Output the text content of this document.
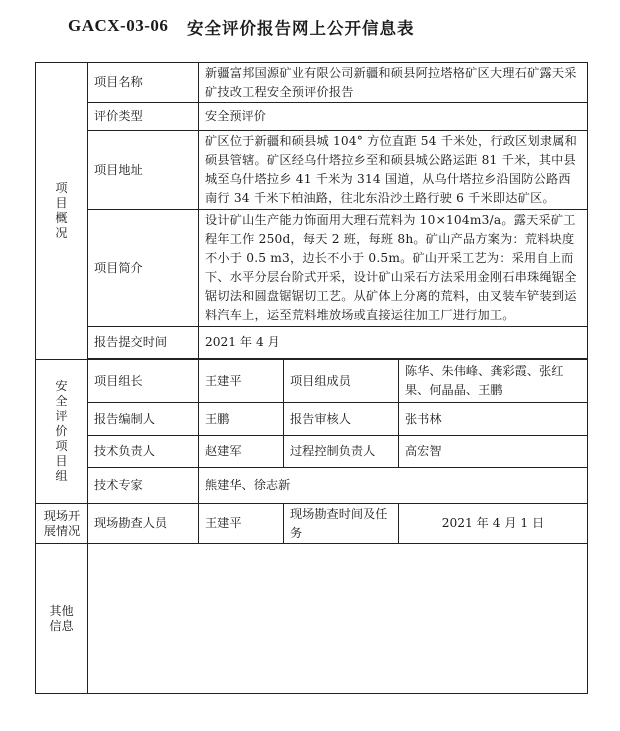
GACX-03-06 安全评价报告网上公开信息表
项目概况	项目名称	新疆富邦国源矿业有限公司新疆和硕县阿拉塔格矿区大理石矿露天采矿技改工程安全预评价报告		
	评价类型	安全预评价		
	项目地址	矿区位于新疆和硕县城 104° 方位直距 54 千米处，行政区划隶属和硕县管辖。矿区经乌什塔拉乡至和硕县城公路运距 81 千米，其中县城至乌什塔拉乡 41 千米为 314 国道，从乌什塔拉乡沿国防公路西南行 34 千米下柏油路，往北东沿沙土路行驶 6 千米即达矿区。		
	项目简介	设计矿山生产能力饰面用大理石荒料为 10×104m3/a。露天采矿工程年工作 250d，每天 2 班，每班 8h。矿山产品方案为：荒料块度不小于 0.5 m3，边长不小于 0.5m。矿山开采工艺为：采用自上而下、水平分层台阶式开采，设计矿山采石方法采用金刚石串珠绳锯全锯切法和圆盘锯锯切工艺。从矿体上分离的荒料，由叉装车铲装到运料汽车上，运至荒料堆放场或直接运往加工厂进行加工。		
	报告提交时间	2021 年 4 月		

安全评价项目组	项目组长	王建平	项目组成员	陈华、朱伟峰、龚彩霞、张红果、何晶晶、王鹏
	报告编制人	王鹏	报告审核人	张书林
	技术负责人	赵建军	过程控制负责人	高宏智
	技术专家	熊建华、徐志新		

现场开展情况	现场勘查人员	王建平	现场勘查时间及任务	2021 年 4 月 1 日

其他信息				
